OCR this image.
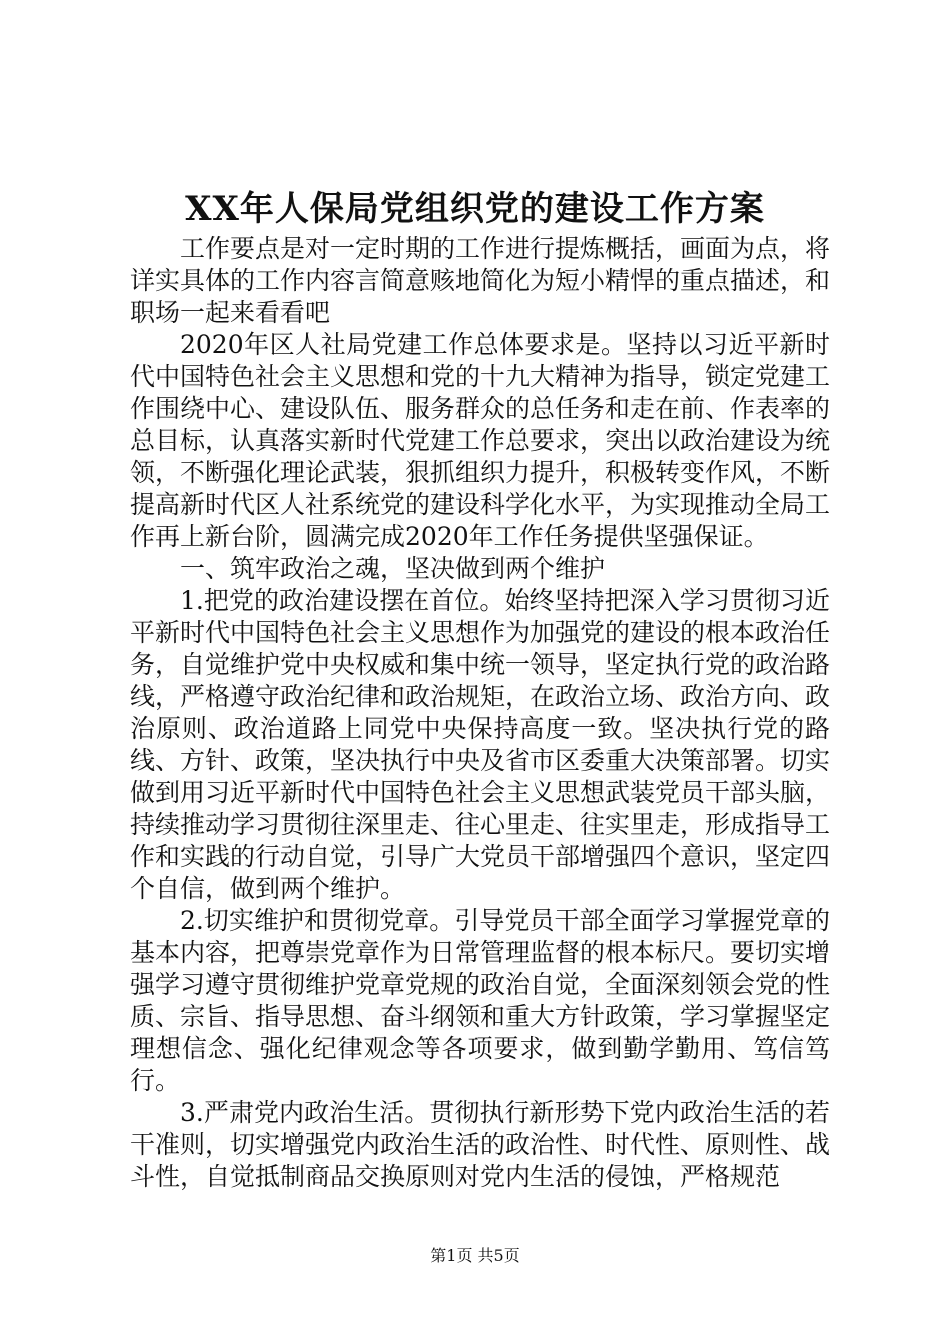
XX年人保局党组织党的建设工作方案

工作要点是对一定时期的工作进行提炼概括，画面为点，将详实具体的工作内容言简意赅地简化为短小精悍的重点描述，和职场一起来看看吧

2020年区人社局党建工作总体要求是。坚持以习近平新时代中国特色社会主义思想和党的十九大精神为指导，锁定党建工作围绕中心、建设队伍、服务群众的总任务和走在前、作表率的总目标，认真落实新时代党建工作总要求，突出以政治建设为统领，不断强化理论武装，狠抓组织力提升，积极转变作风，不断提高新时代区人社系统党的建设科学化水平，为实现推动全局工作再上新台阶，圆满完成2020年工作任务提供坚强保证。

一、筑牢政治之魂，坚决做到两个维护

1.把党的政治建设摆在首位。始终坚持把深入学习贯彻习近平新时代中国特色社会主义思想作为加强党的建设的根本政治任务，自觉维护党中央权威和集中统一领导，坚定执行党的政治路线，严格遵守政治纪律和政治规矩，在政治立场、政治方向、政治原则、政治道路上同党中央保持高度一致。坚决执行党的路线、方针、政策，坚决执行中央及省市区委重大决策部署。切实做到用习近平新时代中国特色社会主义思想武装党员干部头脑，持续推动学习贯彻往深里走、往心里走、往实里走，形成指导工作和实践的行动自觉，引导广大党员干部增强四个意识，坚定四个自信，做到两个维护。

2.切实维护和贯彻党章。引导党员干部全面学习掌握党章的基本内容，把尊崇党章作为日常管理监督的根本标尺。要切实增强学习遵守贯彻维护党章党规的政治自觉，全面深刻领会党的性质、宗旨、指导思想、奋斗纲领和重大方针政策，学习掌握坚定理想信念、强化纪律观念等各项要求，做到勤学勤用、笃信笃行。

3.严肃党内政治生活。贯彻执行新形势下党内政治生活的若干准则，切实增强党内政治生活的政治性、时代性、原则性、战斗性，自觉抵制商品交换原则对党内生活的侵蚀，严格规范

第1页 共5页
